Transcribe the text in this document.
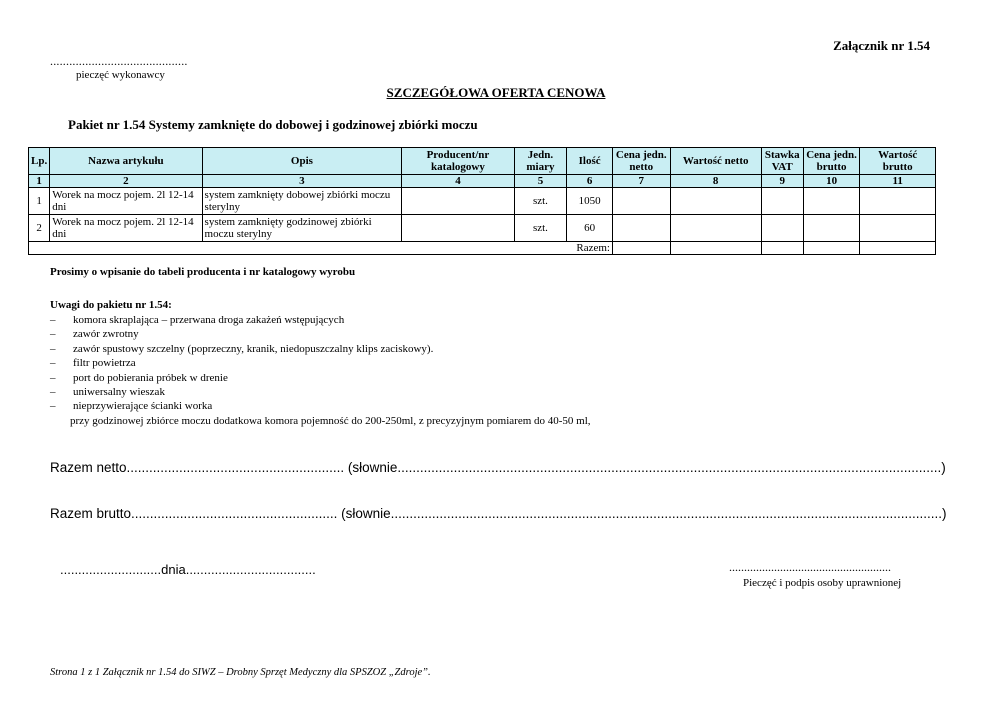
Załącznik nr 1.54
...........................................
pieczęć wykonawcy
SZCZEGÓŁOWA OFERTA CENOWA
Pakiet nr 1.54 Systemy zamknięte do dobowej i godzinowej zbiórki moczu
Lp.	Nazwa artykułu	Opis	Producent/nr katalogowy	Jedn. miary	Ilość	Cena jedn. netto	Wartość netto	Stawka VAT	Cena jedn. brutto	Wartość brutto
1	2	3	4	5	6	7	8	9	10	11
1	Worek na mocz pojem. 2l 12-14 dni	system zamknięty dobowej zbiórki moczu sterylny		szt.	1050					
2	Worek na mocz pojem. 2l 12-14 dni	system zamknięty godzinowej zbiórki moczu sterylny		szt.	60					
Razem:										
Prosimy o wpisanie do tabeli producenta i nr katalogowy wyrobu
Uwagi do pakietu nr 1.54:
– komora skraplająca – przerwana droga zakażeń wstępujących
– zawór zwrotny
– zawór spustowy szczelny (poprzeczny, kranik, niedopuszczalny klips zaciskowy).
– filtr powietrza
– port do pobierania próbek w drenie
– uniwersalny wieszak
– nieprzywierające ścianki worka
przy godzinowej zbiórce moczu dodatkowa komora pojemność do 200-250ml, z precyzyjnym pomiarem do 40-50 ml,
Razem netto.......................................................... (słownie.................................................................................................................................................)
Razem brutto....................................................... (słownie...................................................................................................................................................)
............................dnia....................................	......................................................
Pieczęć i podpis osoby uprawnionej
Strona 1 z 1 Załącznik nr 1.54 do SIWZ – Drobny Sprzęt Medyczny dla SPSZOZ „Zdroje”.
